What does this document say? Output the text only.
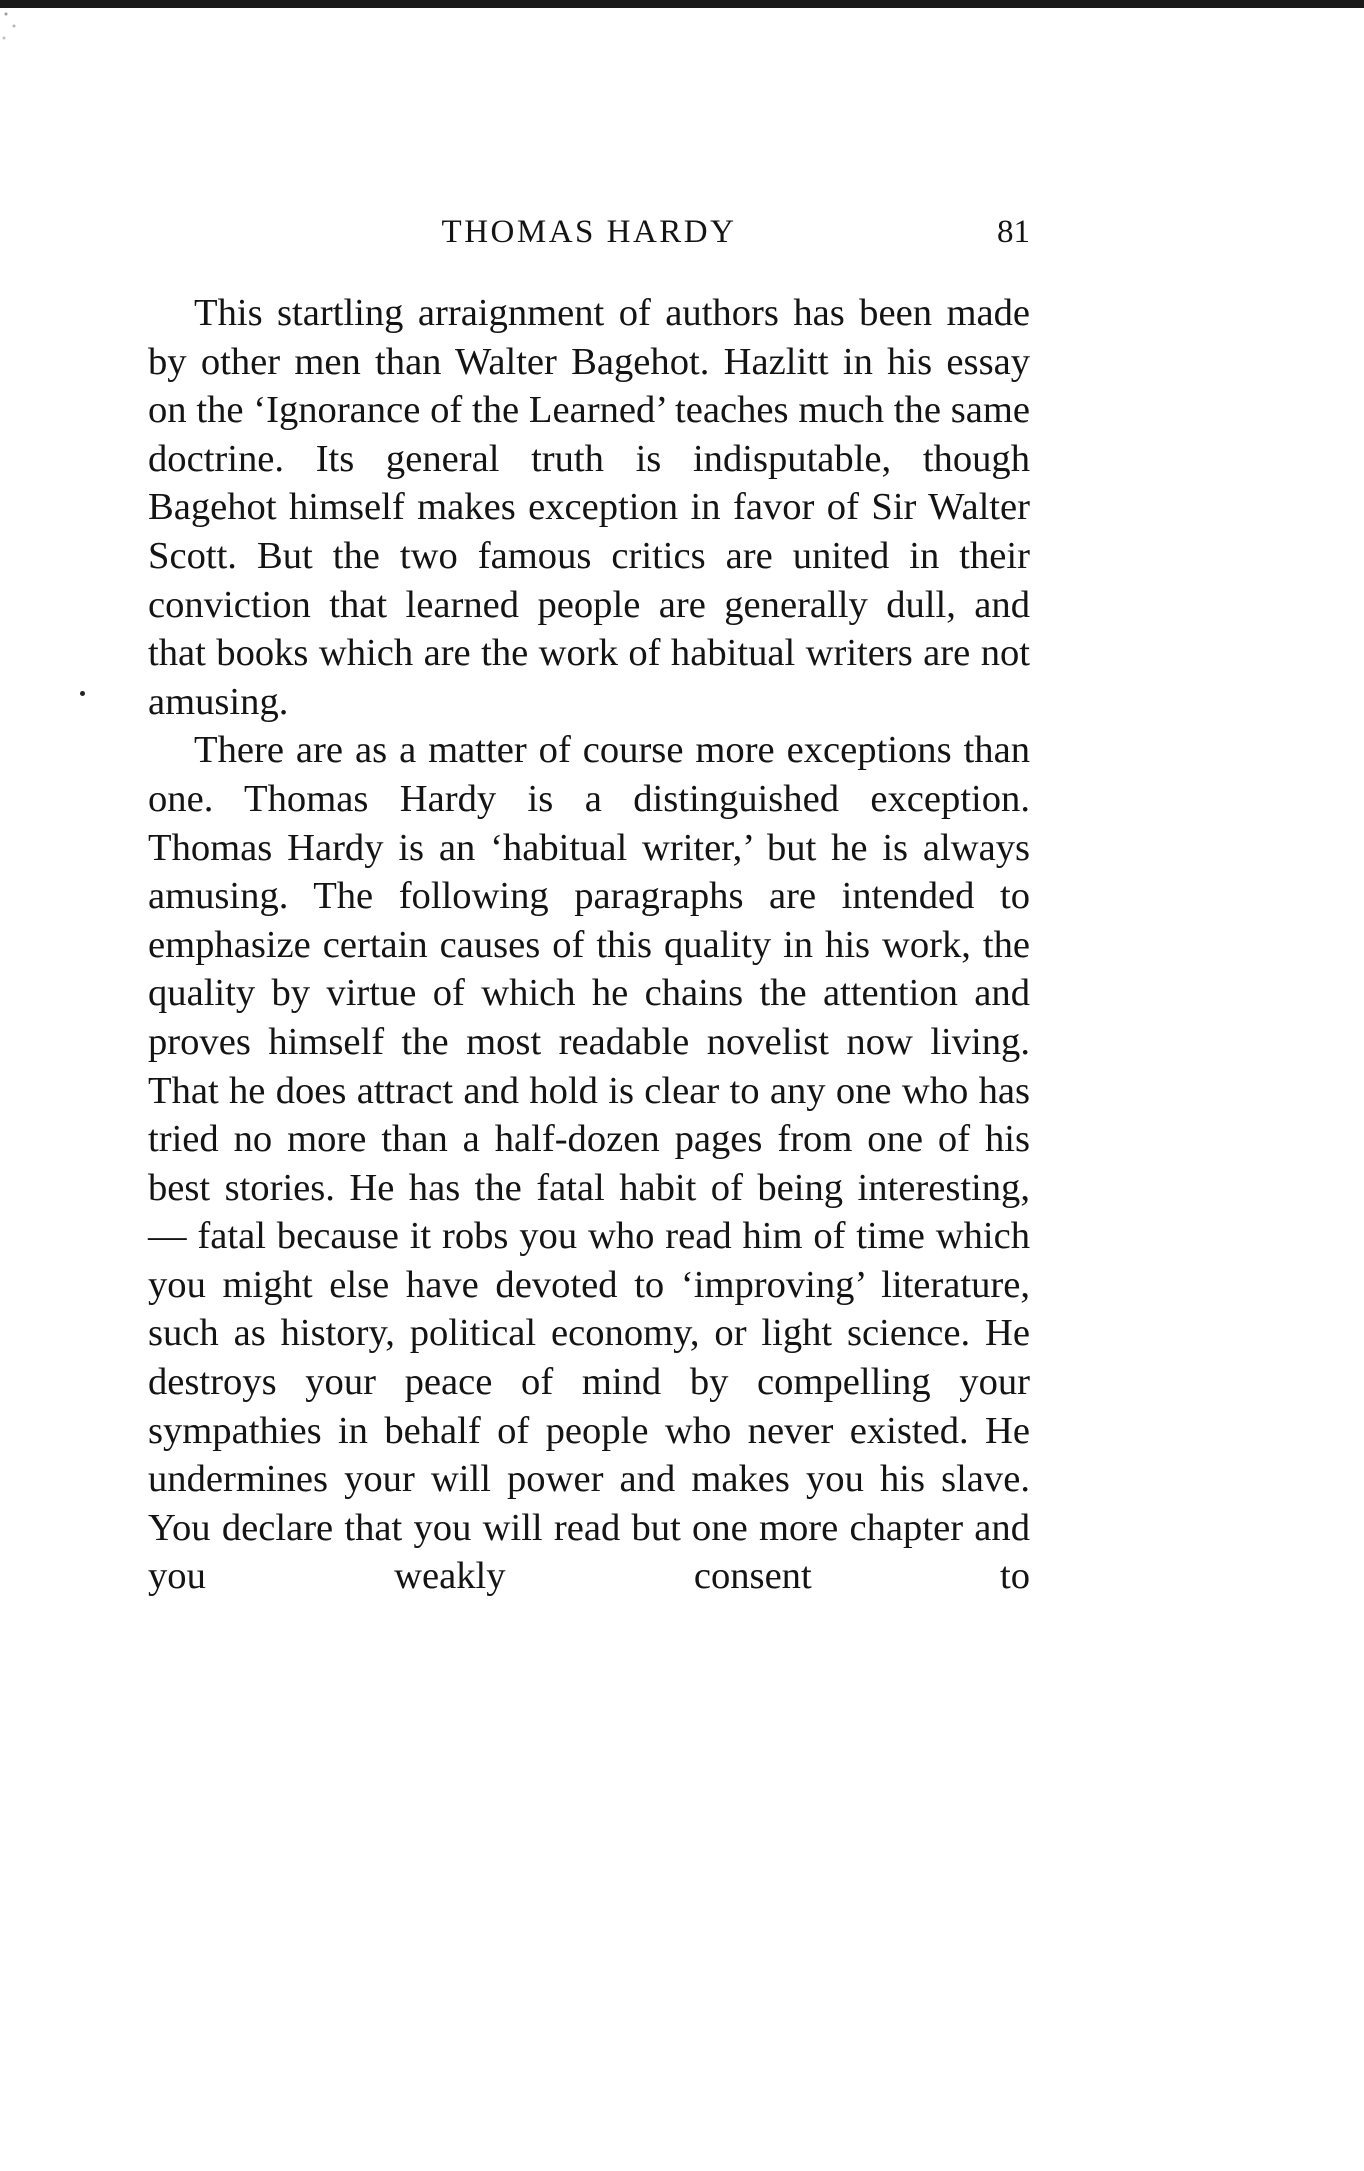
THOMAS HARDY	81

This startling arraignment of authors has been made by other men than Walter Bagehot. Hazlitt in his essay on the ‘Ignorance of the Learned’ teaches much the same doctrine. Its general truth is indisputable, though Bagehot himself makes exception in favor of Sir Walter Scott. But the two famous critics are united in their conviction that learned people are generally dull, and that books which are the work of habitual writers are not amusing.

There are as a matter of course more exceptions than one. Thomas Hardy is a distinguished exception. Thomas Hardy is an ‘habitual writer,’ but he is always amusing. The following paragraphs are intended to emphasize certain causes of this quality in his work, the quality by virtue of which he chains the attention and proves himself the most readable novelist now living. That he does attract and hold is clear to any one who has tried no more than a half-dozen pages from one of his best stories. He has the fatal habit of being interesting, — fatal because it robs you who read him of time which you might else have devoted to ‘improving’ literature, such as history, political economy, or light science. He destroys your peace of mind by compelling your sympathies in behalf of people who never existed. He undermines your will power and makes you his slave. You declare that you will read but one more chapter and you weakly consent to
